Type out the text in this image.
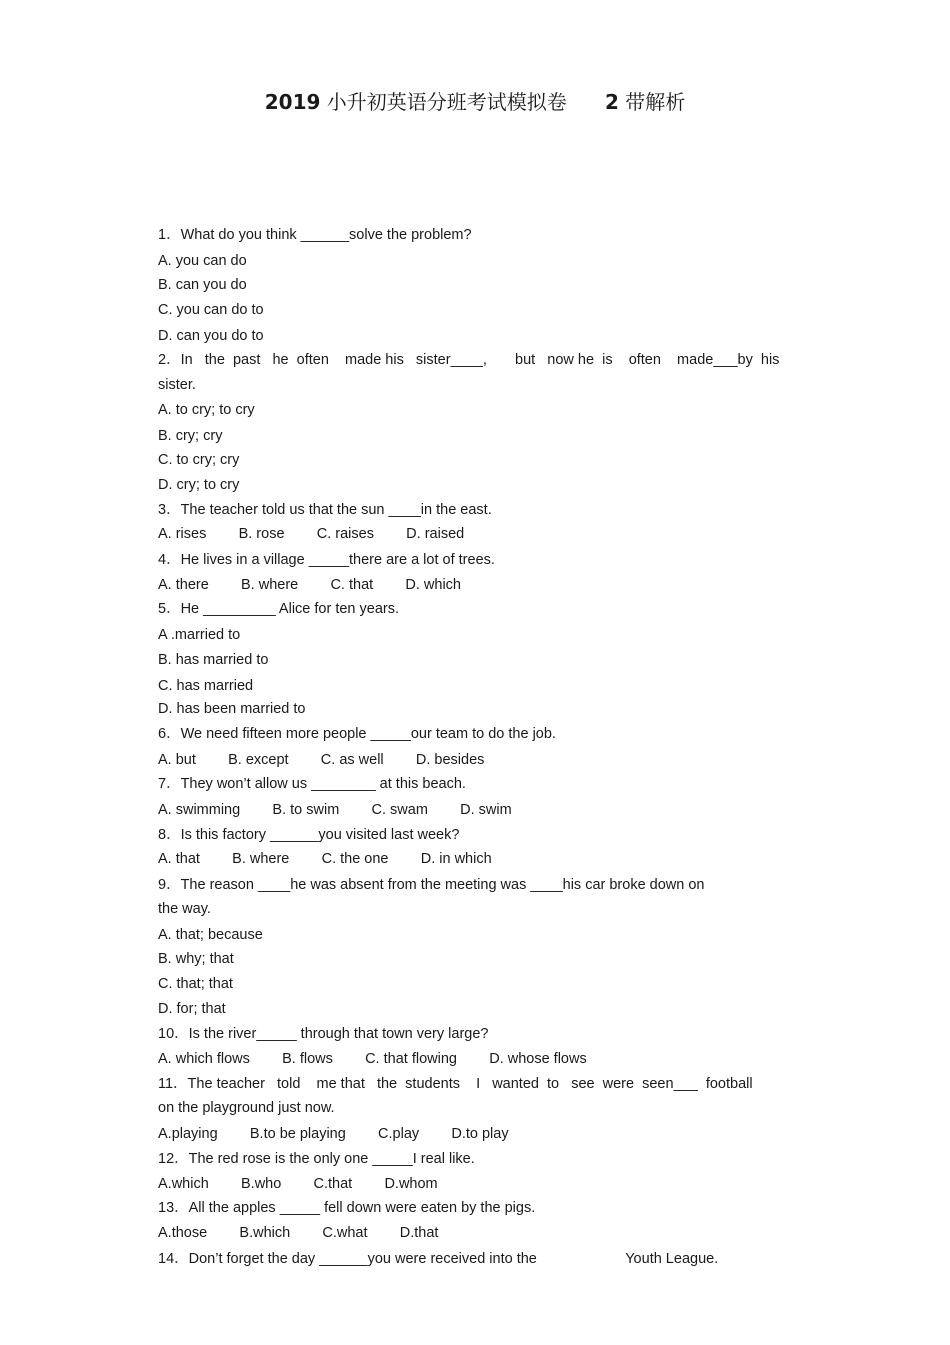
2019 小升初英语分班考试模拟卷 2 带解析
1．What do you think ______solve the problem?
A. you can do
B. can you do
C. you can do to
D. can you do to
2．In   the  past   he  often    made his   sister____,       but   now he  is    often    made___by  his
sister.
A. to cry; to cry
B. cry; cry
C. to cry; cry
D. cry; to cry
3．The teacher told us that the sun ____in the east.
A. rises        B. rose        C. raises        D. raised
4．He lives in a village _____there are a lot of trees.
A. there        B. where        C. that        D. which
5．He _________ Alice for ten years.
A .married to
B. has married to
C. has married
D. has been married to
6．We need fifteen more people _____our team to do the job.
A. but        B. except        C. as well        D. besides
7．They won’t allow us ________ at this beach.
A. swimming        B. to swim        C. swam        D. swim
8．Is this factory ______you visited last week?
A. that        B. where        C. the one        D. in which
9．The reason ____he was absent from the meeting was ____his car broke down on
the way.
A. that; because
B. why; that
C. that; that
D. for; that
10．Is the river_____ through that town very large?
A. which flows        B. flows        C. that flowing        D. whose flows
11．The teacher   told    me that   the  students    I   wanted  to   see  were  seen___  football
on the playground just now.
A.playing        B.to be playing        C.play        D.to play
12．The red rose is the only one _____I real like.
A.which        B.who        C.that        D.whom
13．All the apples _____ fell down were eaten by the pigs.
A.those        B.which        C.what        D.that
14．Don’t forget the day ______you were received into the                      Youth League.
